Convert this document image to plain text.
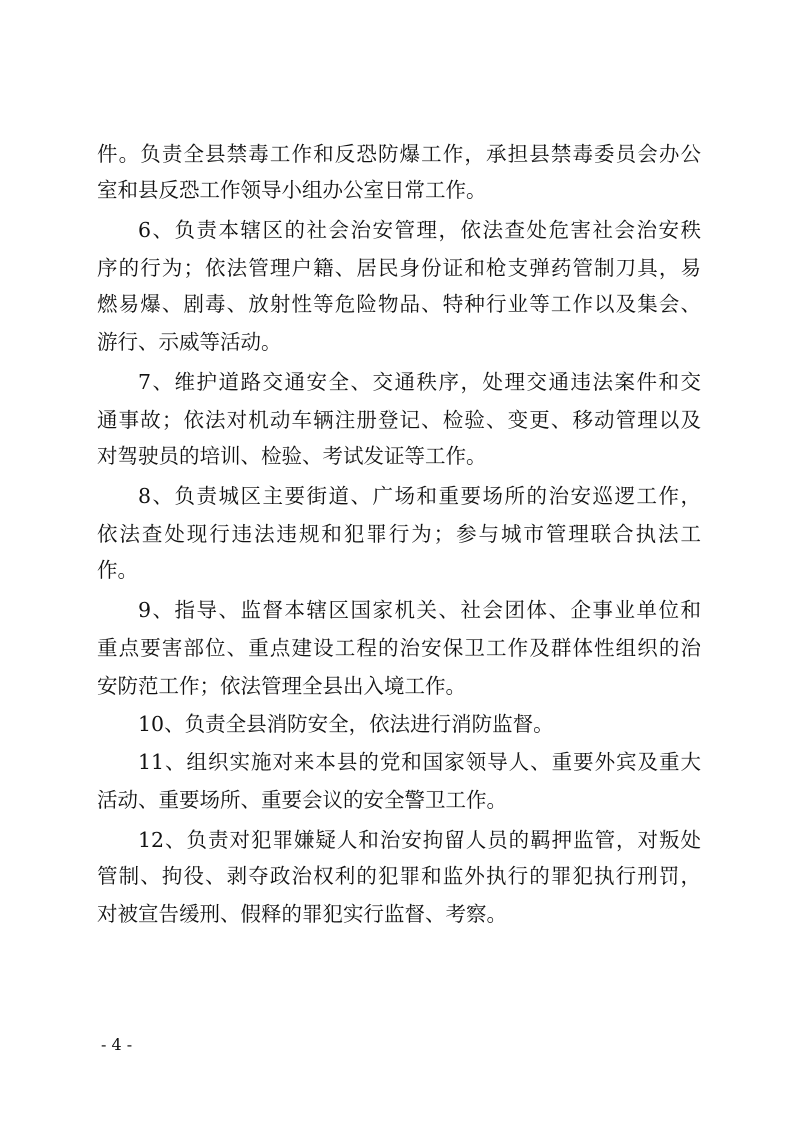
件。负责全县禁毒工作和反恐防爆工作，承担县禁毒委员会办公
室和县反恐工作领导小组办公室日常工作。
6、负责本辖区的社会治安管理，依法查处危害社会治安秩
序的行为；依法管理户籍、居民身份证和枪支弹药管制刀具，易
燃易爆、剧毒、放射性等危险物品、特种行业等工作以及集会、
游行、示威等活动。
7、维护道路交通安全、交通秩序，处理交通违法案件和交
通事故；依法对机动车辆注册登记、检验、变更、移动管理以及
对驾驶员的培训、检验、考试发证等工作。
8、负责城区主要街道、广场和重要场所的治安巡逻工作，
依法查处现行违法违规和犯罪行为；参与城市管理联合执法工
作。
9、指导、监督本辖区国家机关、社会团体、企事业单位和
重点要害部位、重点建设工程的治安保卫工作及群体性组织的治
安防范工作；依法管理全县出入境工作。
10、负责全县消防安全，依法进行消防监督。
11、组织实施对来本县的党和国家领导人、重要外宾及重大
活动、重要场所、重要会议的安全警卫工作。
12、负责对犯罪嫌疑人和治安拘留人员的羁押监管，对叛处
管制、拘役、剥夺政治权利的犯罪和监外执行的罪犯执行刑罚，
对被宣告缓刑、假释的罪犯实行监督、考察。
- 4 -
